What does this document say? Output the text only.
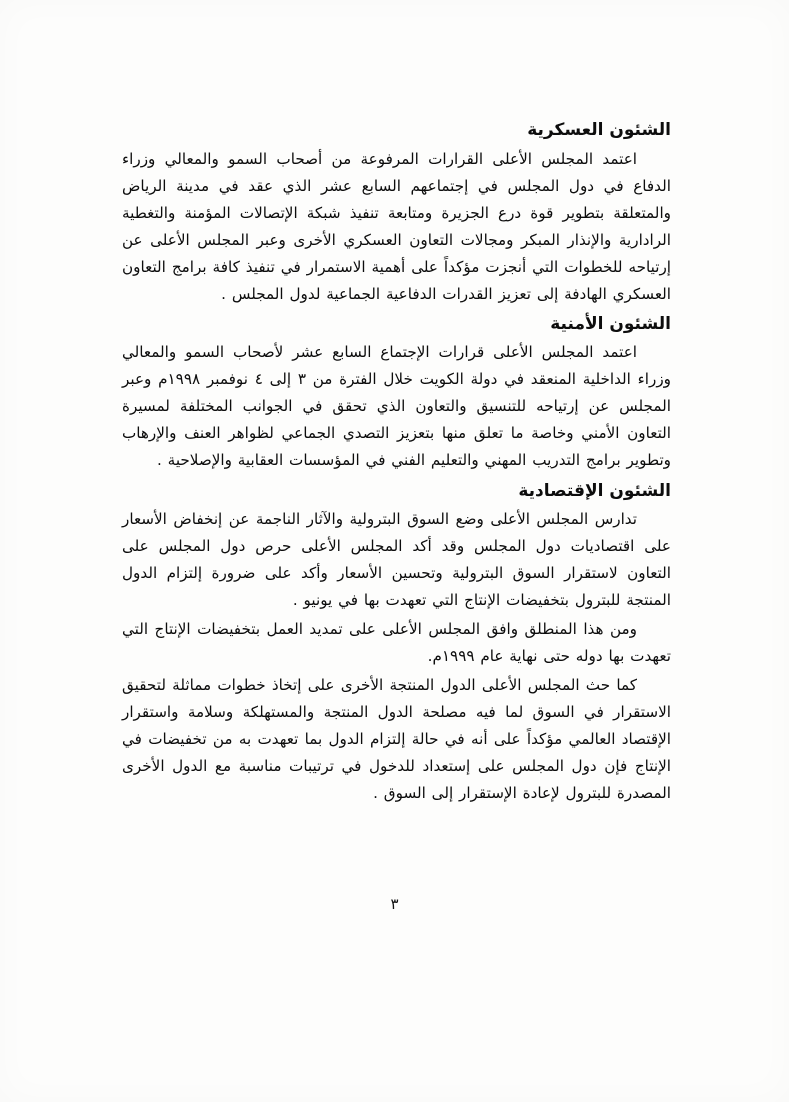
الشئون العسكرية

اعتمد المجلس الأعلى القرارات المرفوعة من أصحاب السمو والمعالي وزراء الدفاع في دول المجلس في إجتماعهم السابع عشر الذي عقد في مدينة الرياض والمتعلقة بتطوير قوة درع الجزيرة ومتابعة تنفيذ شبكة الإتصالات المؤمنة والتغطية الرادارية والإنذار المبكر ومجالات التعاون العسكري الأخرى وعبر المجلس الأعلى عن إرتياحه للخطوات التي أنجزت مؤكداً على أهمية الاستمرار في تنفيذ كافة برامج التعاون العسكري الهادفة إلى تعزيز القدرات الدفاعية الجماعية لدول المجلس .

الشئون الأمنية

اعتمد المجلس الأعلى قرارات الإجتماع السابع عشر لأصحاب السمو والمعالي وزراء الداخلية المنعقد في دولة الكويت خلال الفترة من ٣ إلى ٤ نوفمبر ١٩٩٨م وعبر المجلس عن إرتياحه للتنسيق والتعاون الذي تحقق في الجوانب المختلفة لمسيرة التعاون الأمني وخاصة ما تعلق منها بتعزيز التصدي الجماعي لظواهر العنف والإرهاب وتطوير برامج التدريب المهني والتعليم الفني في المؤسسات العقابية والإصلاحية .

الشئون الإقتصادية

تدارس المجلس الأعلى وضع السوق البترولية والآثار الناجمة عن إنخفاض الأسعار على اقتصاديات دول المجلس وقد أكد المجلس الأعلى حرص دول المجلس على التعاون لاستقرار السوق البترولية وتحسين الأسعار وأكد على ضرورة إلتزام الدول المنتجة للبترول بتخفيضات الإنتاج التي تعهدت بها في يونيو .

ومن هذا المنطلق وافق المجلس الأعلى على تمديد العمل بتخفيضات الإنتاج التي تعهدت بها دوله حتى نهاية عام ١٩٩٩م.

كما حث المجلس الأعلى الدول المنتجة الأخرى على إتخاذ خطوات مماثلة لتحقيق الاستقرار في السوق لما فيه مصلحة الدول المنتجة والمستهلكة وسلامة واستقرار الإقتصاد العالمي مؤكداً على أنه في حالة إلتزام الدول بما تعهدت به من تخفيضات في الإنتاج فإن دول المجلس على إستعداد للدخول في ترتيبات مناسبة مع الدول الأخرى المصدرة للبترول لإعادة الإستقرار إلى السوق .

٣
